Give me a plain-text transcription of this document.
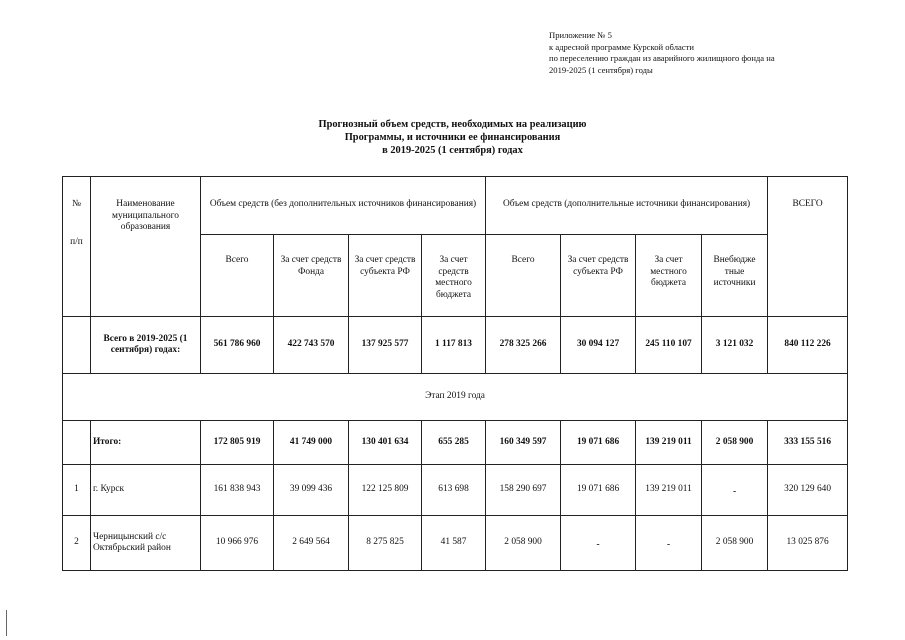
Приложение № 5
к адресной программе Курской области
по переселению граждан из аварийного жилищного фонда на
2019-2025 (1 сентября) годы
Прогнозный объем средств, необходимых на реализацию
Программы, и источники ее финансирования
в 2019-2025 (1 сентября) годах
№
п/п	Наименование муниципального образования	Объем средств (без дополнительных источников финансирования)				Объем средств (дополнительные источники финансирования)				ВСЕГО
		Всего	За счет средств Фонда	За счет средств субъекта РФ	За счет средств местного бюджета	Всего	За счет средств субъекта РФ	За счет местного бюджета	Внебюдже тные источники	
	Всего в 2019-2025 (1 сентября) годах:	561 786 960	422 743 570	137 925 577	1 117 813	278 325 266	30 094 127	245 110 107	3 121 032	840 112 226
Этап 2019 года										
	Итого:	172 805 919	41 749 000	130 401 634	655 285	160 349 597	19 071 686	139 219 011	2 058 900	333 155 516
1	г. Курск	161 838 943	39 099 436	122 125 809	613 698	158 290 697	19 071 686	139 219 011	-	320 129 640
2	Черницынский с/с Октябрьский район	10 966 976	2 649 564	8 275 825	41 587	2 058 900	-	-	2 058 900	13 025 876
